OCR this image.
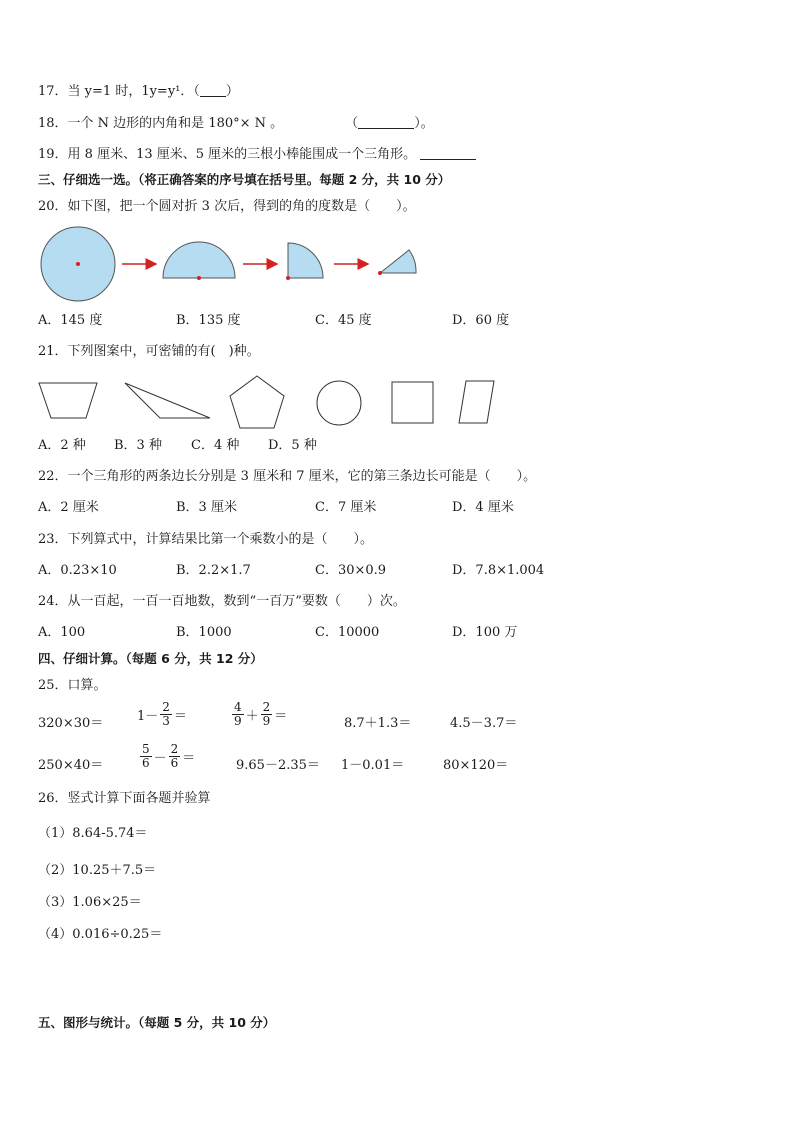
17．当 y=1 时，1y=y¹．（ ）
18．一个 N 边形的内角和是 180°× N 。	（	）。
19．用 8 厘米、13 厘米、5 厘米的三根小棒能围成一个三角形。
三、仔细选一选。（将正确答案的序号填在括号里。每题 2 分，共 10 分）
20．如下图，把一个圆对折 3 次后，得到的角的度数是（　　）。
A．145 度	B．135 度	C．45 度	D．60 度
21．下列图案中，可密铺的有(　)种。
A．2 种 B．3 种 C．4 种 D．5 种
22．一个三角形的两条边长分别是 3 厘米和 7 厘米，它的第三条边长可能是（　　）。
A．2 厘米	B．3 厘米	C．7 厘米	D．4 厘米
23．下列算式中，计算结果比第一个乘数小的是（　　）。
A．0.23×10	B．2.2×1.7	C．30×0.9	D．7.8×1.004
24．从一百起，一百一百地数，数到“一百万”要数（　　）次。
A．100	B．1000	C．10000	D．100 万
四、仔细计算。（每题 6 分，共 12 分）
25．口算。
320×30＝	$1- \frac{2}{3}$ ＝	$\frac{4}{9} + \frac{2}{9}$ ＝	8.7＋1.3＝	4.5－3.7＝
250×40＝	$\frac{5}{6} - \frac{2}{6}$ ＝	9.65－2.35＝ 1－0.01＝	80×120＝
26．竖式计算下面各题并验算
（1）8.64-5.74＝
（2）10.25＋7.5＝
（3）1.06×25＝
（4）0.016÷0.25＝
五、图形与统计。（每题 5 分，共 10 分）
